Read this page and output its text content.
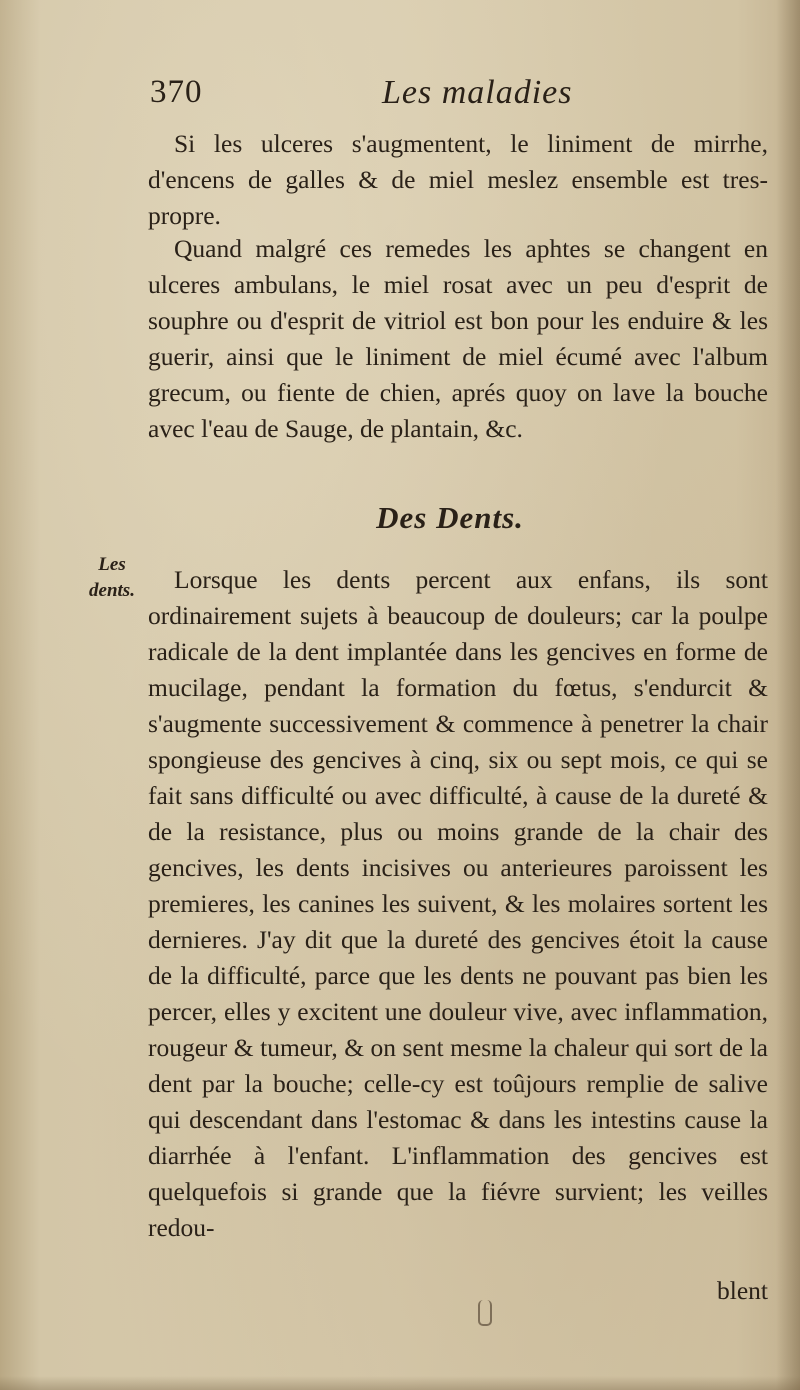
370	Les maladies

Si les ulceres s'augmentent, le liniment de mirrhe, d'encens de galles & de miel meslez ensemble est tres-propre.

Quand malgré ces remedes les aphtes se changent en ulceres ambulans, le miel rosat avec un peu d'esprit de souphre ou d'esprit de vitriol est bon pour les enduire & les guerir, ainsi que le liniment de miel écumé avec l'album grecum, ou fiente de chien, aprés quoy on lave la bouche avec l'eau de Sauge, de plantain, &c.

Des Dents.
Les dents.	Lorsque les dents percent aux enfans, ils sont ordinairement sujets à beaucoup de douleurs; car la poulpe radicale de la dent implantée dans les gencives en forme de mucilage, pendant la formation du fœtus, s'endurcit & s'augmente successivement & commence à penetrer la chair spongieuse des gencives à cinq, six ou sept mois, ce qui se fait sans difficulté ou avec difficulté, à cause de la dureté & de la resistance, plus ou moins grande de la chair des gencives, les dents incisives ou anterieures paroissent les premieres, les canines les suivent, & les molaires sortent les dernieres. J'ay dit que la dureté des gencives étoit la cause de la difficulté, parce que les dents ne pouvant pas bien les percer, elles y excitent une douleur vive, avec inflammation, rougeur & tumeur, & on sent mesme la chaleur qui sort de la dent par la bouche; celle-cy est toûjours remplie de salive qui descendant dans l'estomac & dans les intestins cause la diarrhée à l'enfant. L'inflammation des gencives est quelquefois si grande que la fiévre survient; les veilles redou-

blent
